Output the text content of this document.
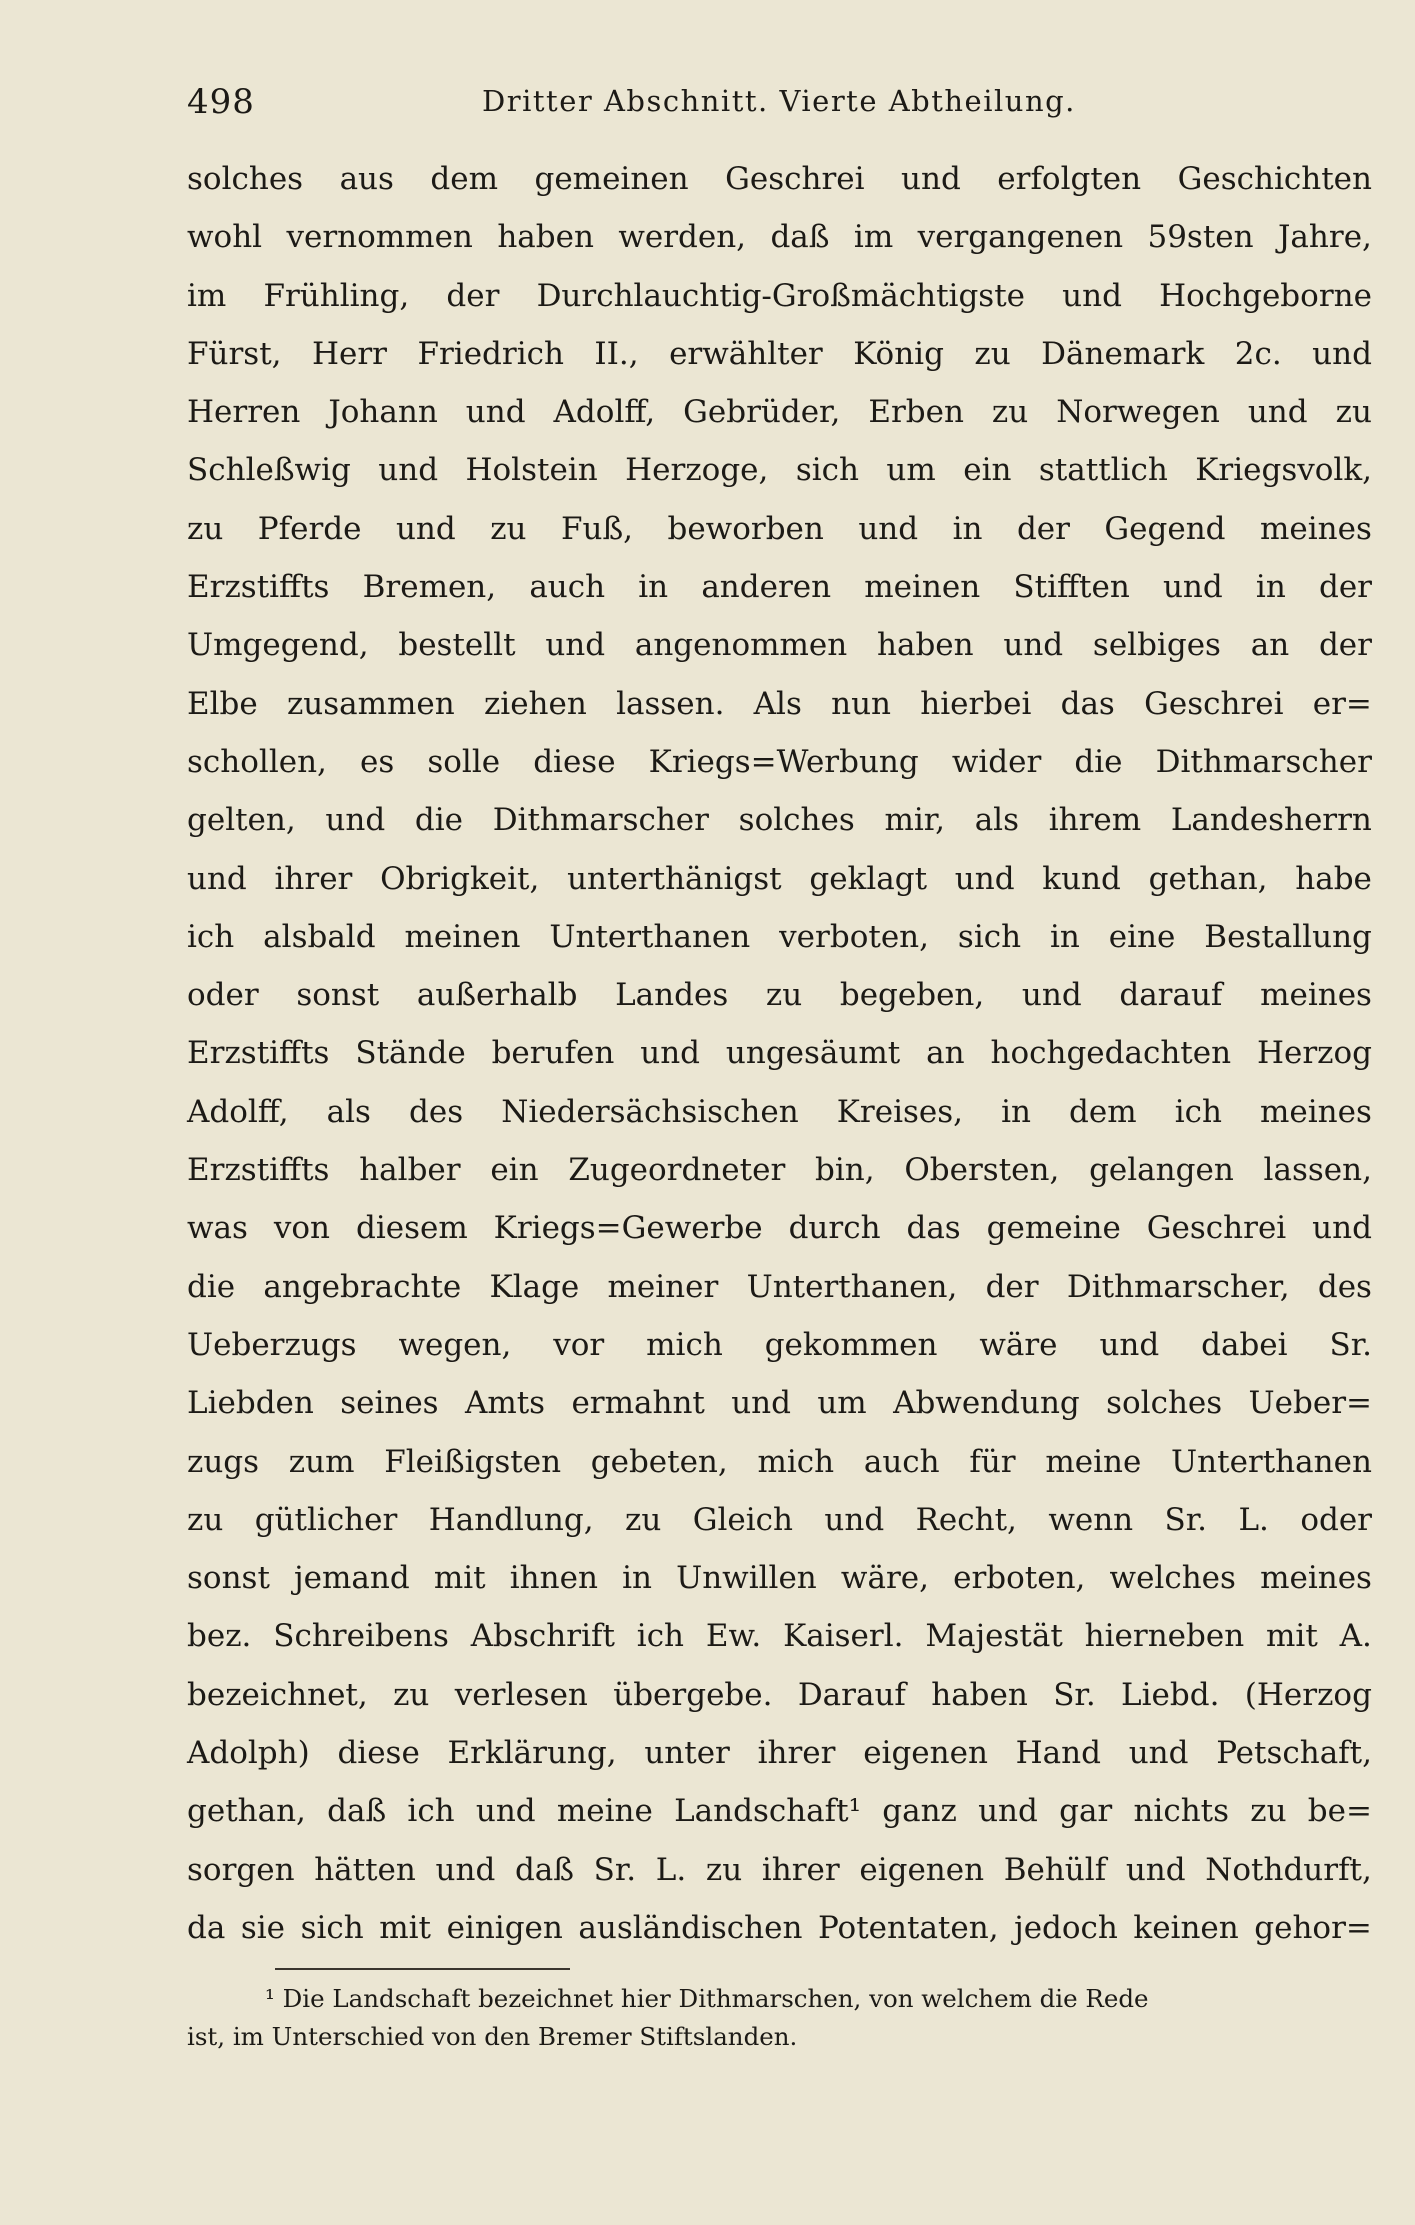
498	Dritter Abschnitt. Vierte Abtheilung.
solches aus dem gemeinen Geschrei und erfolgten Geschichten
wohl vernommen haben werden, daß im vergangenen 59sten Jahre,
im Frühling, der Durchlauchtig-Großmächtigste und Hochgeborne
Fürst, Herr Friedrich II., erwählter König zu Dänemark 2c. und
Herren Johann und Adolff, Gebrüder, Erben zu Norwegen und zu
Schleßwig und Holstein Herzoge, sich um ein stattlich Kriegsvolk,
zu Pferde und zu Fuß, beworben und in der Gegend meines
Erzstiffts Bremen, auch in anderen meinen Stifften und in der
Umgegend, bestellt und angenommen haben und selbiges an der
Elbe zusammen ziehen lassen. Als nun hierbei das Geschrei er=
schollen, es solle diese Kriegs=Werbung wider die Dithmarscher
gelten, und die Dithmarscher solches mir, als ihrem Landesherrn
und ihrer Obrigkeit, unterthänigst geklagt und kund gethan, habe
ich alsbald meinen Unterthanen verboten, sich in eine Bestallung
oder sonst außerhalb Landes zu begeben, und darauf meines
Erzstiffts Stände berufen und ungesäumt an hochgedachten Herzog
Adolff, als des Niedersächsischen Kreises, in dem ich meines
Erzstiffts halber ein Zugeordneter bin, Obersten, gelangen lassen,
was von diesem Kriegs=Gewerbe durch das gemeine Geschrei und
die angebrachte Klage meiner Unterthanen, der Dithmarscher, des
Ueberzugs wegen, vor mich gekommen wäre und dabei Sr.
Liebden seines Amts ermahnt und um Abwendung solches Ueber=
zugs zum Fleißigsten gebeten, mich auch für meine Unterthanen
zu gütlicher Handlung, zu Gleich und Recht, wenn Sr. L. oder
sonst jemand mit ihnen in Unwillen wäre, erboten, welches meines
bez. Schreibens Abschrift ich Ew. Kaiserl. Majestät hierneben mit A.
bezeichnet, zu verlesen übergebe. Darauf haben Sr. Liebd. (Herzog
Adolph) diese Erklärung, unter ihrer eigenen Hand und Petschaft,
gethan, daß ich und meine Landschaft¹ ganz und gar nichts zu be=
sorgen hätten und daß Sr. L. zu ihrer eigenen Behülf und Nothdurft,
da sie sich mit einigen ausländischen Potentaten, jedoch keinen gehor=
¹ Die Landschaft bezeichnet hier Dithmarschen, von welchem die Rede
ist, im Unterschied von den Bremer Stiftslanden.
